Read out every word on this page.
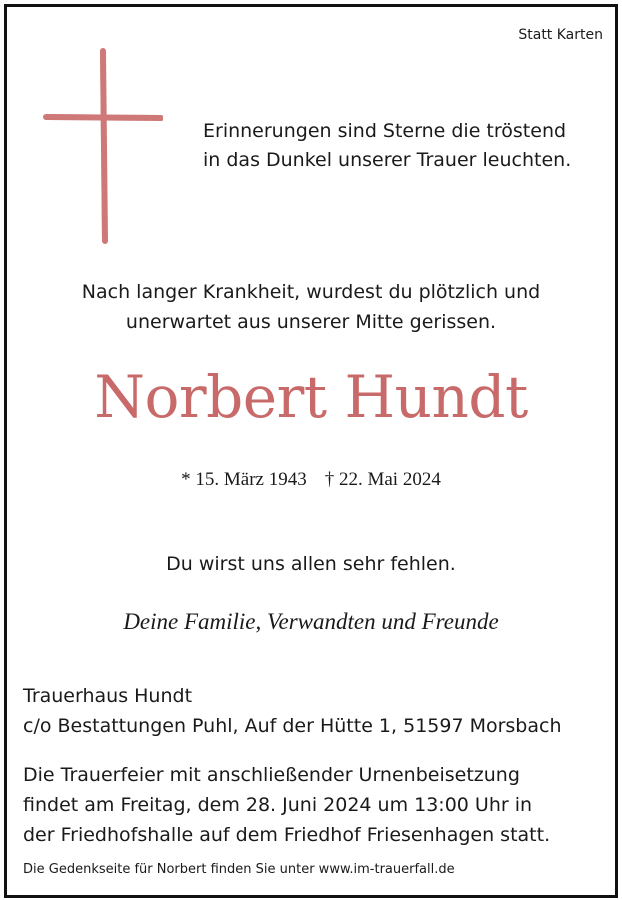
Statt Karten
Erinnerungen sind Sterne die tröstend
in das Dunkel unserer Trauer leuchten.
Nach langer Krankheit, wurdest du plötzlich und
unerwartet aus unserer Mitte gerissen.
Norbert Hundt
* 15. März 1943 † 22. Mai 2024
Du wirst uns allen sehr fehlen.
Deine Familie, Verwandten und Freunde
Trauerhaus Hundt
c/o Bestattungen Puhl, Auf der Hütte 1, 51597 Morsbach
Die Trauerfeier mit anschließender Urnenbeisetzung
findet am Freitag, dem 28. Juni 2024 um 13:00 Uhr in
der Friedhofshalle auf dem Friedhof Friesenhagen statt.
Die Gedenkseite für Norbert finden Sie unter www.im-trauerfall.de
